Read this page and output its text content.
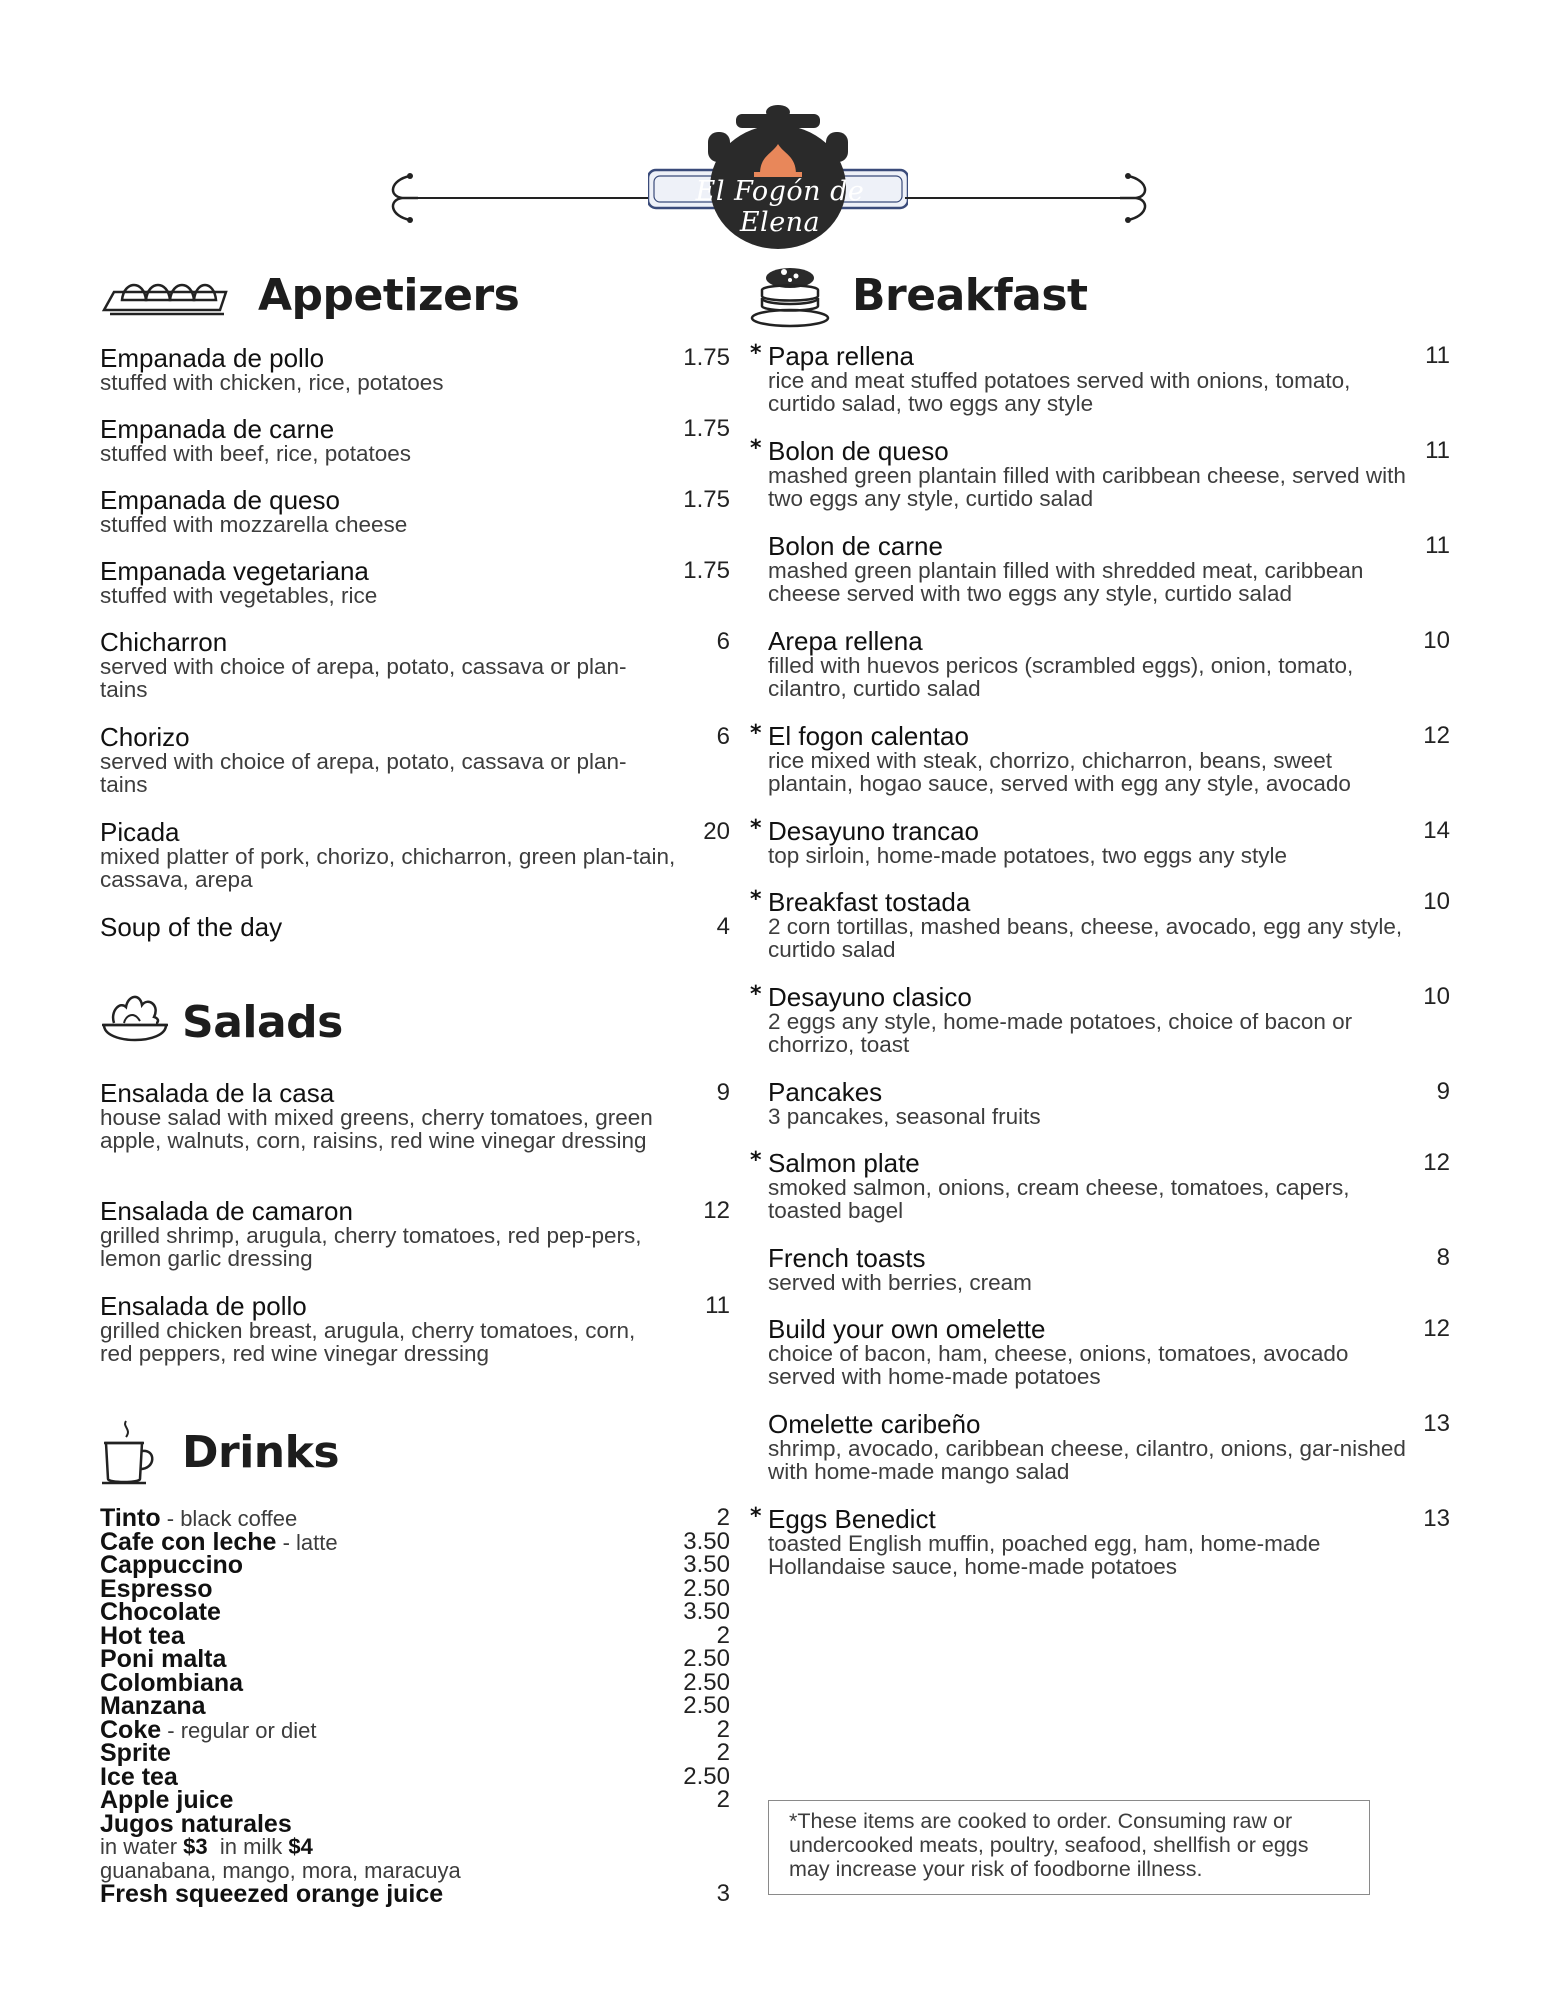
El Fogón de Elena
Appetizers
Empanada de pollo
stuffed with chicken, rice, potatoes
1.75
Empanada de carne
stuffed with beef, rice, potatoes
1.75
Empanada de queso
stuffed with mozzarella cheese
1.75
Empanada vegetariana
stuffed with vegetables, rice
1.75
Chicharron
served with choice of arepa, potato, cassava or plan-tains
6
Chorizo
served with choice of arepa, potato, cassava or plan-tains
6
Picada
mixed platter of pork, chorizo, chicharron, green plan-tain, cassava, arepa
20
Soup of the day	4
Salads
Ensalada de la casa
house salad with mixed greens, cherry tomatoes, green apple, walnuts, corn, raisins, red wine vinegar dressing
9
Ensalada de camaron
grilled shrimp, arugula, cherry tomatoes, red pep-pers, lemon garlic dressing
12
Ensalada de pollo
grilled chicken breast, arugula, cherry tomatoes, corn, red peppers, red wine vinegar dressing
11
Drinks
Tinto - black coffee	2
Cafe con leche - latte	3.50
Cappuccino	3.50
Espresso	2.50
Chocolate	3.50
Hot tea	2
Poni malta	2.50
Colombiana	2.50
Manzana	2.50
Coke - regular or diet	2
Sprite	2
Ice tea	2.50
Apple juice	2
Jugos naturales
in water $3  in milk $4
guanabana, mango, mora, maracuya
Fresh squeezed orange juice	3
Breakfast
* Papa rellena
rice and meat stuffed potatoes served with onions, tomato, curtido salad, two eggs any style
11
* Bolon de queso
mashed green plantain filled with caribbean cheese, served with two eggs any style, curtido salad
11
Bolon de carne
mashed green plantain filled with shredded meat, caribbean cheese served with two eggs any style, curtido salad
11
Arepa rellena
filled with huevos pericos (scrambled eggs), onion, tomato, cilantro, curtido salad
10
* El fogon calentao
rice mixed with steak, chorrizo, chicharron, beans, sweet plantain, hogao sauce, served with egg any style, avocado
12
* Desayuno trancao
top sirloin, home-made potatoes, two eggs any style
14
* Breakfast tostada
2 corn tortillas, mashed beans, cheese, avocado, egg any style, curtido salad
10
* Desayuno clasico
2 eggs any style, home-made potatoes, choice of bacon or chorrizo, toast
10
Pancakes
3 pancakes, seasonal fruits
9
* Salmon plate
smoked salmon, onions, cream cheese, tomatoes, capers, toasted bagel
12
French toasts
served with berries, cream
8
Build your own omelette
choice of bacon, ham, cheese, onions, tomatoes, avocado served with home-made potatoes
12
Omelette caribeño
shrimp, avocado, caribbean cheese, cilantro, onions, gar-nished with home-made mango salad
13
* Eggs Benedict
toasted English muffin, poached egg, ham, home-made Hollandaise sauce, home-made potatoes
13
*These items are cooked to order. Consuming raw or undercooked meats, poultry, seafood, shellfish or eggs may increase your risk of foodborne illness.
